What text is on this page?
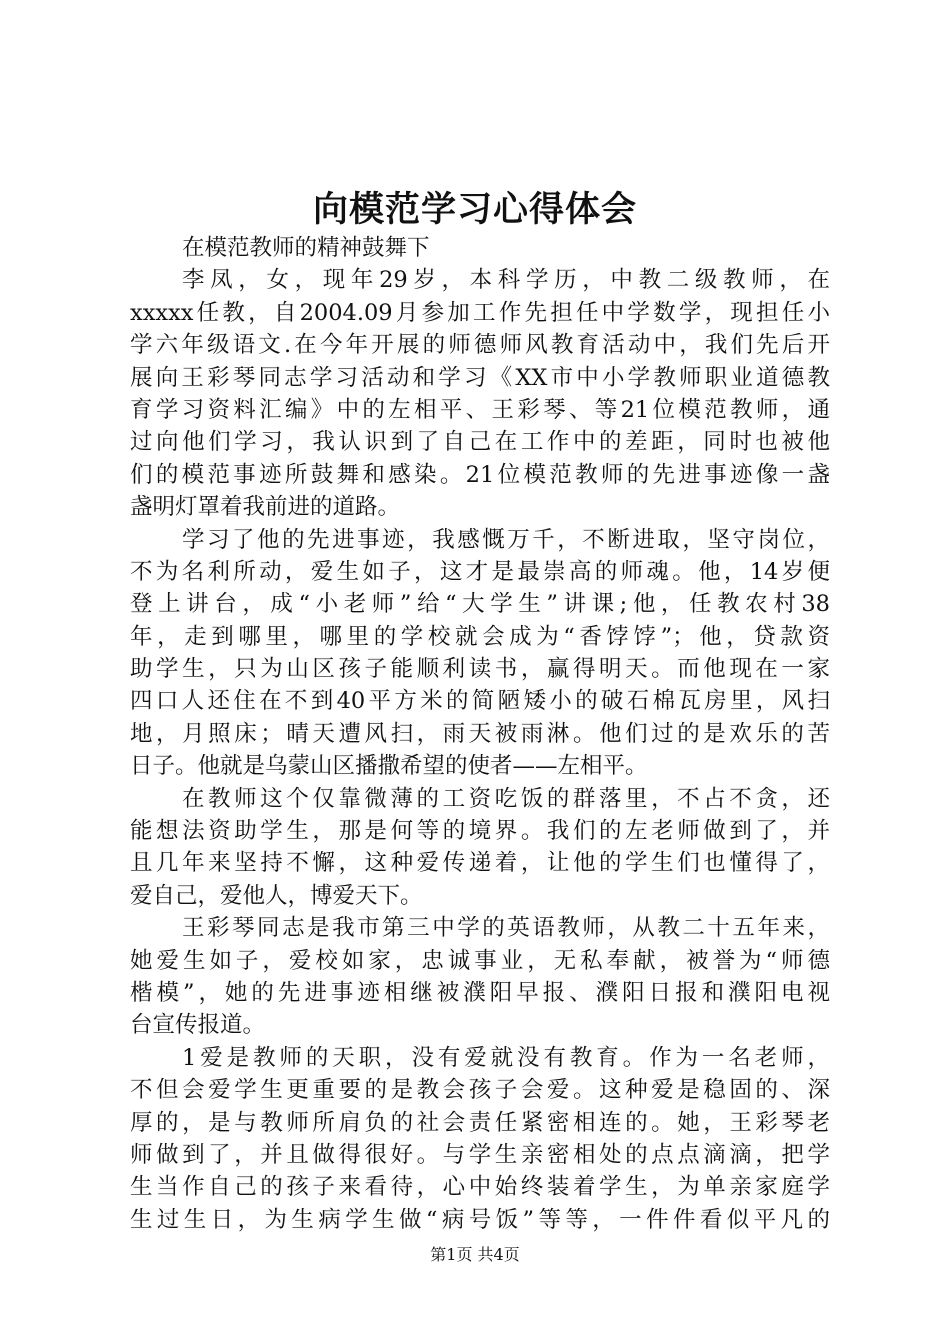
向模范学习心得体会
在模范教师的精神鼓舞下
李凤，女，现年29岁，本科学历，中教二级教师，在
xxxxx任教，自2004.09月参加工作先担任中学数学，现担任小
学六年级语文.在今年开展的师德师风教育活动中，我们先后开
展向王彩琴同志学习活动和学习《XX市中小学教师职业道德教
育学习资料汇编》中的左相平、王彩琴、等21位模范教师，通
过向他们学习，我认识到了自己在工作中的差距，同时也被他
们的模范事迹所鼓舞和感染。21位模范教师的先进事迹像一盏
盏明灯罩着我前进的道路。
学习了他的先进事迹，我感慨万千，不断进取，坚守岗位，
不为名利所动，爱生如子，这才是最崇高的师魂。他，14岁便
登上讲台，成“小老师”给“大学生”讲课;他，任教农村38
年，走到哪里，哪里的学校就会成为“香饽饽”；他，贷款资
助学生，只为山区孩子能顺利读书，赢得明天。而他现在一家
四口人还住在不到40平方米的简陋矮小的破石棉瓦房里，风扫
地，月照床；晴天遭风扫，雨天被雨淋。他们过的是欢乐的苦
日子。他就是乌蒙山区播撒希望的使者——左相平。
在教师这个仅靠微薄的工资吃饭的群落里，不占不贪，还
能想法资助学生，那是何等的境界。我们的左老师做到了，并
且几年来坚持不懈，这种爱传递着，让他的学生们也懂得了，
爱自己，爱他人，博爱天下。
王彩琴同志是我市第三中学的英语教师，从教二十五年来，
她爱生如子，爱校如家，忠诚事业，无私奉献，被誉为“师德
楷模”，她的先进事迹相继被濮阳早报、濮阳日报和濮阳电视
台宣传报道。
1爱是教师的天职，没有爱就没有教育。作为一名老师，
不但会爱学生更重要的是教会孩子会爱。这种爱是稳固的、深
厚的，是与教师所肩负的社会责任紧密相连的。她，王彩琴老
师做到了，并且做得很好。与学生亲密相处的点点滴滴，把学
生当作自己的孩子来看待，心中始终装着学生，为单亲家庭学
生过生日，为生病学生做“病号饭”等等，一件件看似平凡的
第1页 共4页
